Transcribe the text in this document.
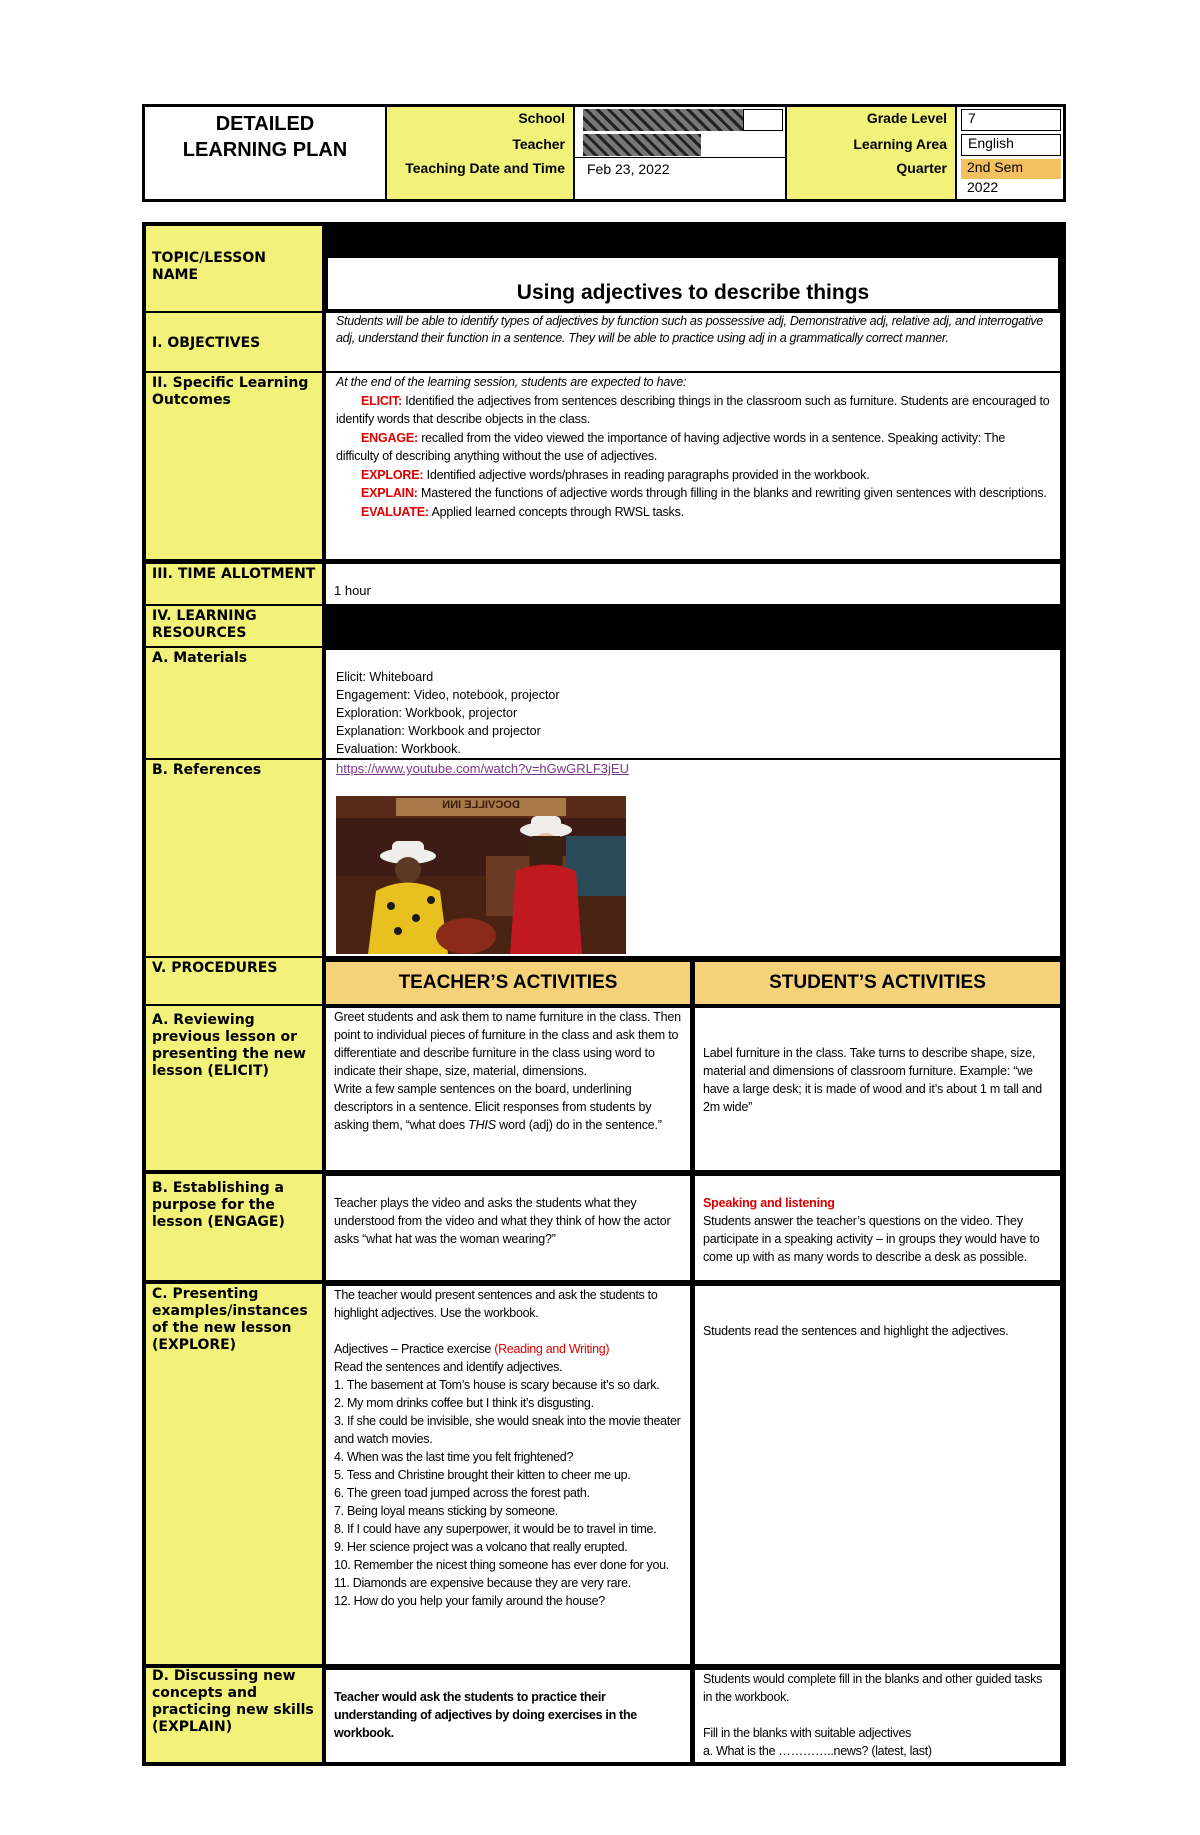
DETAILED LEARNING PLAN
School
Teacher
Teaching Date and Time Feb 23, 2022
Grade Level
Learning Area
Quarter
7
English
2nd Sem
2022
TOPIC/LESSON NAME
Using adjectives to describe things
I. OBJECTIVES
Students will be able to identify types of adjectives by function such as possessive adj, Demonstrative adj, relative adj, and interrogative adj, understand their function in a sentence. They will be able to practice using adj in a grammatically correct manner.
II. Specific Learning Outcomes

At the end of the learning session, students are expected to have:

ELICIT: Identified the adjectives from sentences describing things in the classroom such as furniture. Students are encouraged to identify words that describe objects in the class.

ENGAGE: recalled from the video viewed the importance of having adjective words in a sentence. Speaking activity: The difficulty of describing anything without the use of adjectives.

EXPLORE: Identified adjective words/phrases in reading paragraphs provided in the workbook.

EXPLAIN: Mastered the functions of adjective words through filling in the blanks and rewriting given sentences with descriptions.

EVALUATE: Applied learned concepts through RWSL tasks.

III. TIME ALLOTMENT
1 hour
IV. LEARNING RESOURCES
A. Materials

Elicit: Whiteboard

Engagement: Video, notebook, projector

Exploration: Workbook, projector

Explanation: Workbook and projector

Evaluation: Workbook.

B. References	https://www.youtube.com/watch?v=hGwGRLF3jEU
DOCVILLE INN
V. PROCEDURES
TEACHER’S ACTIVITIES	STUDENT’S ACTIVITIES
A. Reviewing previous lesson or presenting the new lesson (ELICIT)

Greet students and ask them to name furniture in the class. Then point to individual pieces of furniture in the class and ask them to differentiate and describe furniture in the class using word to indicate their shape, size, material, dimensions.

Write a few sample sentences on the board, underlining descriptors in a sentence. Elicit responses from students by asking them, “what does THIS word (adj) do in the sentence.”

Label furniture in the class. Take turns to describe shape, size, material and dimensions of classroom furniture. Example: “we have a large desk; it is made of wood and it’s about 1 m tall and 2m wide”
B. Establishing a purpose for the lesson (ENGAGE)
Teacher plays the video and asks the students what they understood from the video and what they think of how the actor asks “what hat was the woman wearing?”

Speaking and listening

Students answer the teacher’s questions on the video. They participate in a speaking activity – in groups they would have to come up with as many words to describe a desk as possible.

C. Presenting examples/instances of the new lesson (EXPLORE)

The teacher would present sentences and ask the students to highlight adjectives. Use the workbook.

Adjectives – Practice exercise (Reading and Writing)

Read the sentences and identify adjectives.

1. The basement at Tom’s house is scary because it’s so dark.

2. My mom drinks coffee but I think it’s disgusting.

3. If she could be invisible, she would sneak into the movie theater and watch movies.

4. When was the last time you felt frightened?

5. Tess and Christine brought their kitten to cheer me up.

6. The green toad jumped across the forest path.

7. Being loyal means sticking by someone.

8. If I could have any superpower, it would be to travel in time.

9. Her science project was a volcano that really erupted.

10. Remember the nicest thing someone has ever done for you.

11. Diamonds are expensive because they are very rare.

12. How do you help your family around the house?

Students read the sentences and highlight the adjectives.
D. Discussing new concepts and practicing new skills (EXPLAIN)
Teacher would ask the students to practice their understanding of adjectives by doing exercises in the workbook.

Students would complete fill in the blanks and other guided tasks in the workbook.

Fill in the blanks with suitable adjectives

a. What is the …………..news? (latest, last)
